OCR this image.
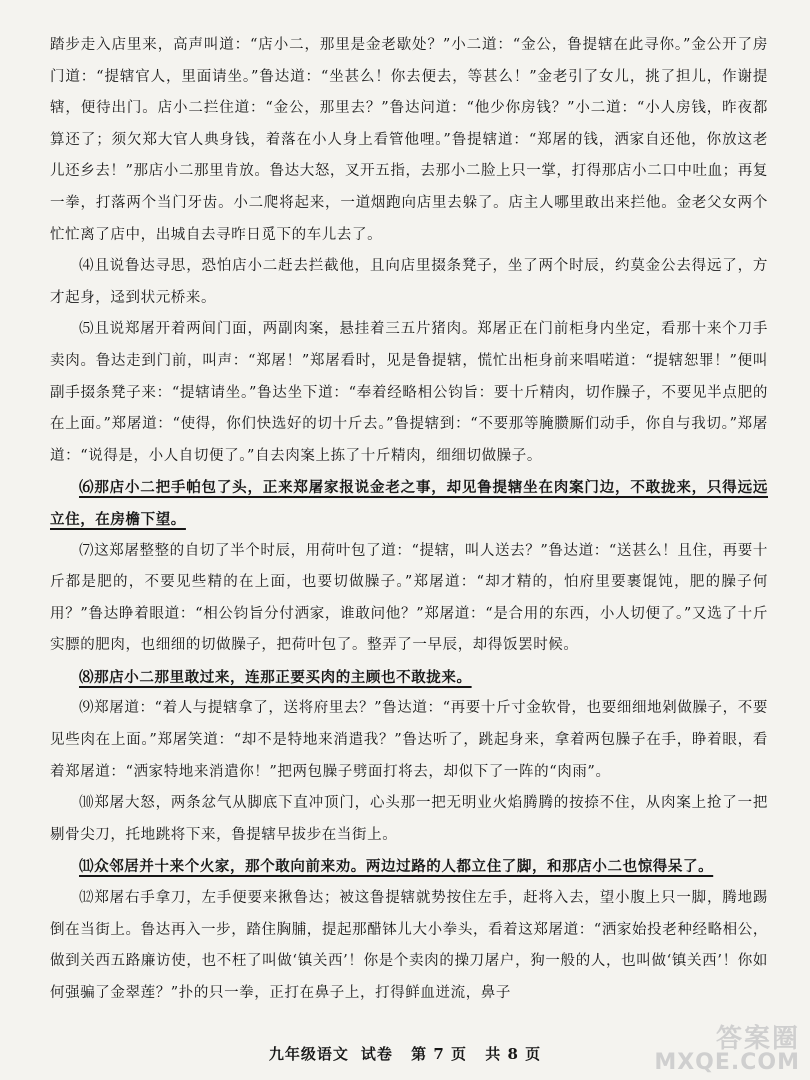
踏步走入店里来，高声叫道：“店小二，那里是金老歇处？”小二道：“金公，鲁提辖在此寻你。”金公开了房门道：“提辖官人，里面请坐。”鲁达道：“坐甚么！你去便去，等甚么！”金老引了女儿，挑了担儿，作谢提辖，便待出门。店小二拦住道：“金公，那里去？”鲁达问道：“他少你房钱？”小二道：“小人房钱，昨夜都算还了；须欠郑大官人典身钱，着落在小人身上看管他哩。”鲁提辖道：“郑屠的钱，洒家自还他，你放这老儿还乡去！”那店小二那里肯放。鲁达大怒，叉开五指，去那小二脸上只一掌，打得那店小二口中吐血；再复一拳，打落两个当门牙齿。小二爬将起来，一道烟跑向店里去躲了。店主人哪里敢出来拦他。金老父女两个忙忙离了店中，出城自去寻昨日觅下的车儿去了。

⑷且说鲁达寻思，恐怕店小二赶去拦截他，且向店里掇条凳子，坐了两个时辰，约莫金公去得远了，方才起身，迳到状元桥来。

⑸且说郑屠开着两间门面，两副肉案，悬挂着三五片猪肉。郑屠正在门前柜身内坐定，看那十来个刀手卖肉。鲁达走到门前，叫声：“郑屠！”郑屠看时，见是鲁提辖，慌忙出柜身前来唱喏道：“提辖恕罪！”便叫副手掇条凳子来：“提辖请坐。”鲁达坐下道：“奉着经略相公钧旨：要十斤精肉，切作臊子，不要见半点肥的在上面。”郑屠道：“使得，你们快选好的切十斤去。”鲁提辖到：“不要那等腌臜厮们动手，你自与我切。”郑屠道：“说得是，小人自切便了。”自去肉案上拣了十斤精肉，细细切做臊子。

⑹那店小二把手帕包了头，正来郑屠家报说金老之事，却见鲁提辖坐在肉案门边，不敢拢来，只得远远立住，在房檐下望。

⑺这郑屠整整的自切了半个时辰，用荷叶包了道：“提辖，叫人送去？”鲁达道：“送甚么！且住，再要十斤都是肥的，不要见些精的在上面，也要切做臊子。”郑屠道：“却才精的，怕府里要裹馄饨，肥的臊子何用？”鲁达睁着眼道：“相公钧旨分付洒家，谁敢问他？”郑屠道：“是合用的东西，小人切便了。”又选了十斤实膘的肥肉，也细细的切做臊子，把荷叶包了。整弄了一早辰，却得饭罢时候。

⑻那店小二那里敢过来，连那正要买肉的主顾也不敢拢来。

⑼郑屠道：“着人与提辖拿了，送将府里去？”鲁达道：“再要十斤寸金软骨，也要细细地剁做臊子，不要见些肉在上面。”郑屠笑道：“却不是特地来消遣我？”鲁达听了，跳起身来，拿着两包臊子在手，睁着眼，看着郑屠道：“洒家特地来消遣你！”把两包臊子劈面打将去，却似下了一阵的“肉雨”。

⑽郑屠大怒，两条忿气从脚底下直冲顶门，心头那一把无明业火焰腾腾的按捺不住，从肉案上抢了一把剔骨尖刀，托地跳将下来，鲁提辖早拔步在当街上。

⑾众邻居并十来个火家，那个敢向前来劝。两边过路的人都立住了脚，和那店小二也惊得呆了。

⑿郑屠右手拿刀，左手便要来揪鲁达；被这鲁提辖就势按住左手，赶将入去，望小腹上只一脚，腾地踢倒在当街上。鲁达再入一步，踏住胸脯，提起那醋钵儿大小拳头，看着这郑屠道：“洒家始投老种经略相公，做到关西五路廉访使，也不枉了叫做‘镇关西’！你是个卖肉的操刀屠户，狗一般的人，也叫做‘镇关西’！你如何强骗了金翠莲？”扑的只一拳，正打在鼻子上，打得鲜血迸流，鼻子

九年级语文 试卷 第 7 页 共 8 页	答案圈
MXQE.COM
